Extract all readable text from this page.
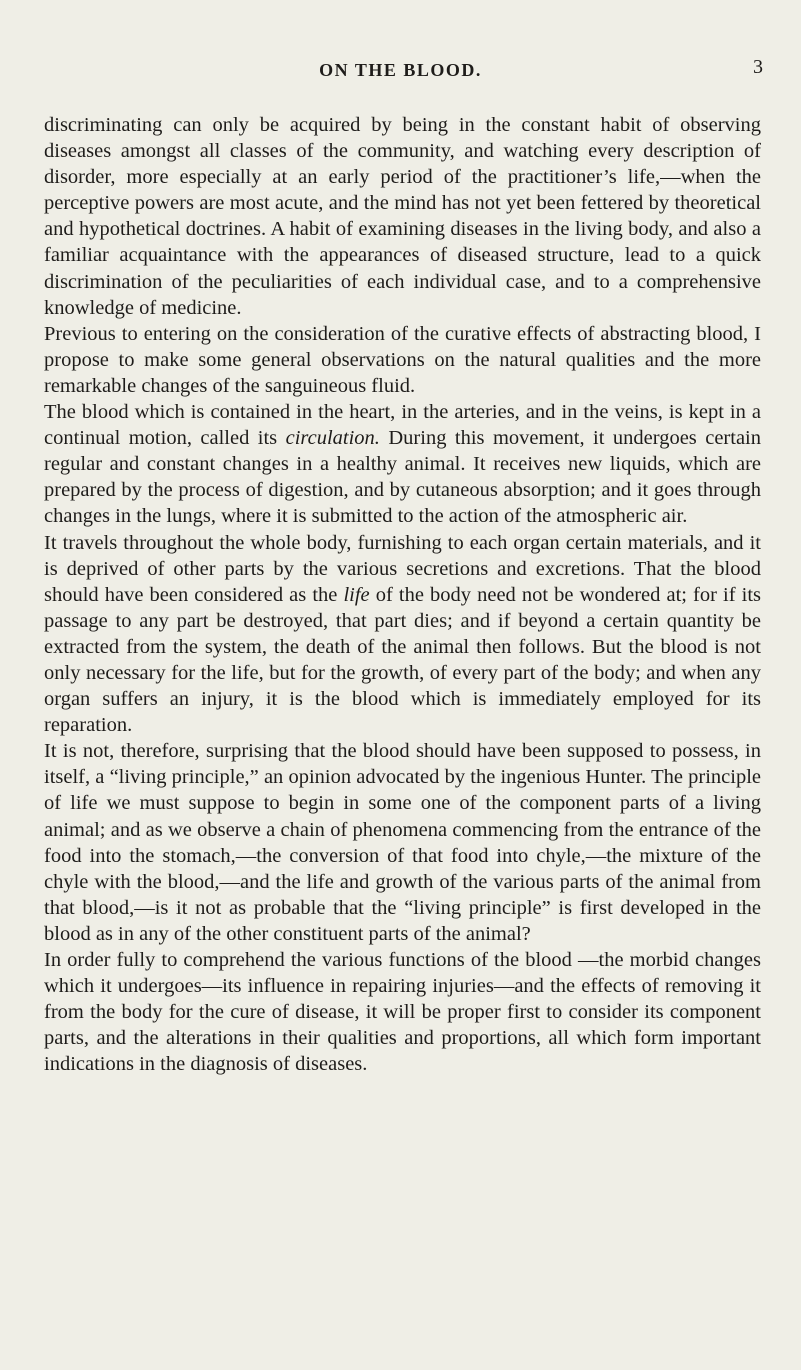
ON THE BLOOD.	3

discriminating can only be acquired by being in the constant habit of observing diseases amongst all classes of the community, and watching every description of disorder, more especially at an early period of the practitioner’s life,—when the perceptive powers are most acute, and the mind has not yet been fettered by theoretical and hypothetical doctrines. A habit of examining diseases in the living body, and also a familiar acquaintance with the appearances of diseased structure, lead to a quick discrimination of the peculiarities of each individual case, and to a comprehensive knowledge of medicine.

Previous to entering on the consideration of the curative effects of abstracting blood, I propose to make some general observations on the natural qualities and the more remarkable changes of the sanguineous fluid.

The blood which is contained in the heart, in the arteries, and in the veins, is kept in a continual motion, called its circulation. During this movement, it undergoes certain regular and constant changes in a healthy animal. It receives new liquids, which are prepared by the process of digestion, and by cutaneous absorption; and it goes through changes in the lungs, where it is submitted to the action of the atmospheric air.

It travels throughout the whole body, furnishing to each organ certain materials, and it is deprived of other parts by the various secretions and excretions. That the blood should have been considered as the life of the body need not be wondered at; for if its passage to any part be destroyed, that part dies; and if beyond a certain quantity be extracted from the system, the death of the animal then follows. But the blood is not only necessary for the life, but for the growth, of every part of the body; and when any organ suffers an injury, it is the blood which is immediately employed for its reparation.

It is not, therefore, surprising that the blood should have been supposed to possess, in itself, a “living principle,” an opinion advocated by the ingenious Hunter. The principle of life we must suppose to begin in some one of the component parts of a living animal; and as we observe a chain of phenomena commencing from the entrance of the food into the stomach,—the conversion of that food into chyle,—the mixture of the chyle with the blood,—and the life and growth of the various parts of the animal from that blood,—is it not as probable that the “living principle” is first developed in the blood as in any of the other constituent parts of the animal?

In order fully to comprehend the various functions of the blood —the morbid changes which it undergoes—its influence in repairing injuries—and the effects of removing it from the body for the cure of disease, it will be proper first to consider its component parts, and the alterations in their qualities and proportions, all which form important indications in the diagnosis of diseases.
